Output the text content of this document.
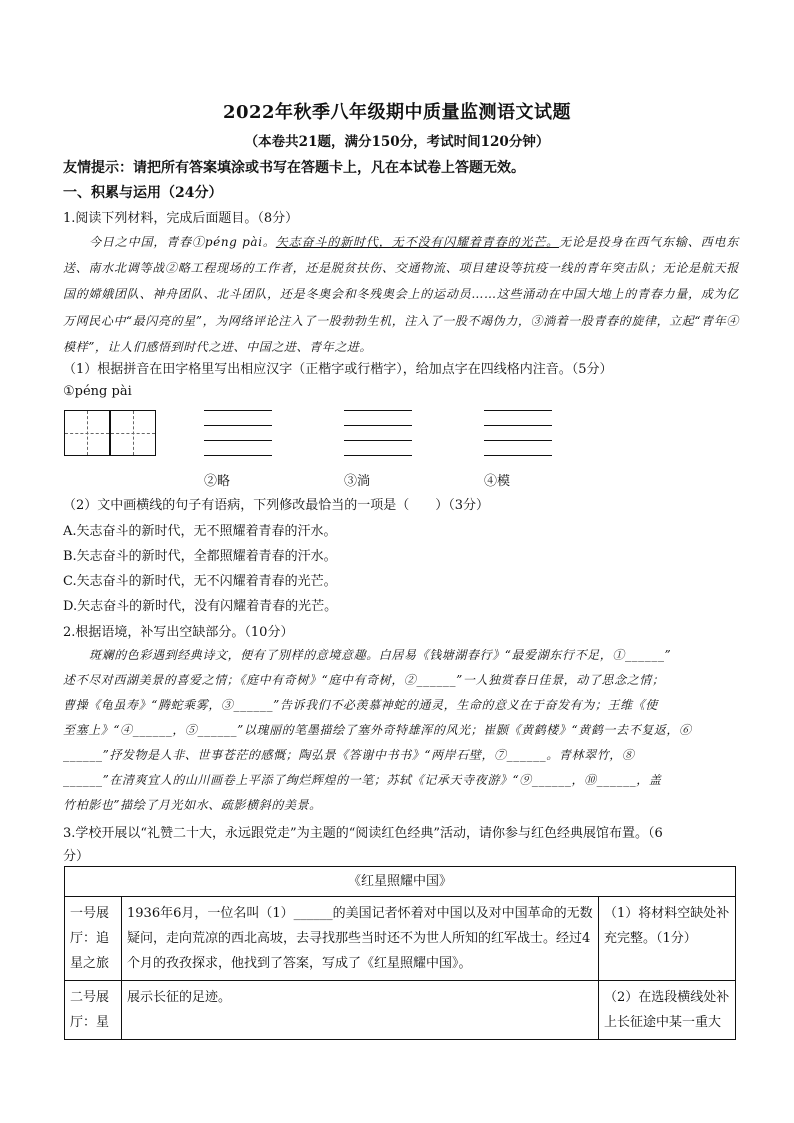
2022年秋季八年级期中质量监测语文试题
（本卷共21题，满分150分，考试时间120分钟）
友情提示：请把所有答案填涂或书写在答题卡上，凡在本试卷上答题无效。
一、积累与运用（24分）
1.阅读下列材料，完成后面题目。（8分）

今日之中国，青春①péng pài。矢志奋斗的新时代，无不没有闪耀着青春的光芒。无论是投身在西气东输、西电东送、南水北调等战②略工程现场的工作者，还是脱贫扶伤、交通物流、项目建设等抗疫一线的青年突击队；无论是航天报国的嫦娥团队、神舟团队、北斗团队，还是冬奥会和冬残奥会上的运动员……这些涌动在中国大地上的青春力量，成为亿万网民心中“最闪亮的星”，为网络评论注入了一股勃勃生机，注入了一股不竭伪力，③淌着一股青春的旋律，立起“青年④模样”，让人们感悟到时代之进、中国之进、青年之进。

（1）根据拼音在田字格里写出相应汉字（正楷字或行楷字），给加点字在四线格内注音。（5分）
①péng pài
②略	③淌	④模
（2）文中画横线的句子有语病，下列修改最恰当的一项是（　　）（3分）
A.矢志奋斗的新时代，无不照耀着青春的汗水。
B.矢志奋斗的新时代，全都照耀着青春的汗水。
C.矢志奋斗的新时代，无不闪耀着青春的光芒。
D.矢志奋斗的新时代，没有闪耀着青春的光芒。
2.根据语境，补写出空缺部分。（10分）
斑斓的色彩遇到经典诗文，便有了别样的意境意趣。白居易《钱塘湖春行》“最爱湖东行不足，①______”
述不尽对西湖美景的喜爱之情；《庭中有奇树》“庭中有奇树，②______”一人独赏春日佳景，动了思念之情；
曹操《龟虽寿》“腾蛇乘雾，③______”告诉我们不必羡慕神蛇的通灵，生命的意义在于奋发有为；王维《使
至塞上》“④______，⑤______”以瑰丽的笔墨描绘了塞外奇特雄浑的风光；崔颢《黄鹤楼》“黄鹤一去不复返，⑥
______”抒发物是人非、世事苍茫的感慨；陶弘景《答谢中书书》“两岸石壁，⑦______。青林翠竹，⑧
______”在清爽宜人的山川画卷上平添了绚烂辉煌的一笔；苏轼《记承天寺夜游》“⑨______，⑩______，盖
竹柏影也”描绘了月光如水、疏影横斜的美景。
3.学校开展以“礼赞二十大，永远跟党走”为主题的“阅读红色经典”活动，请你参与红色经典展馆布置。（6
分）
《红星照耀中国》		
一号展厅：追星之旅	1936年6月，一位名叫（1）______的美国记者怀着对中国以及对中国革命的无数疑问，走向荒凉的西北高坡，去寻找那些当时还不为世人所知的红军战士。经过4个月的孜孜探求，他找到了答案，写成了《红星照耀中国》。	（1）将材料空缺处补充完整。（1分）
二号展厅：星	展示长征的足迹。	（2）在选段横线处补上长征途中某一重大
